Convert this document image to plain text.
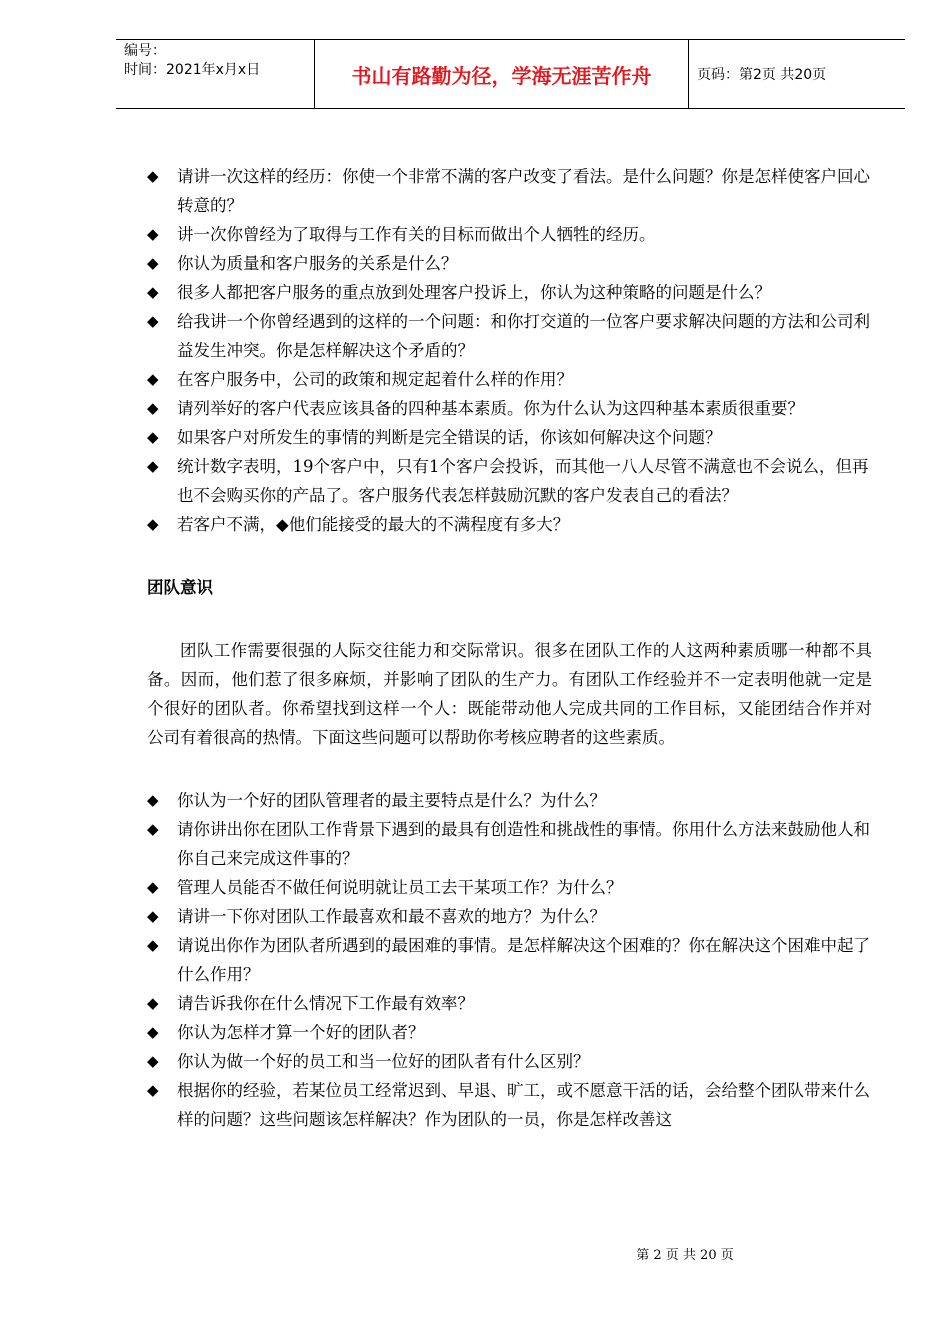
编号：
时间：2021年x月x日	书山有路勤为径，学海无涯苦作舟	页码：第2页 共20页
◆ 请讲一次这样的经历：你使一个非常不满的客户改变了看法。是什么问题？你是怎样使客户回心转意的？
◆ 讲一次你曾经为了取得与工作有关的目标而做出个人牺牲的经历。
◆ 你认为质量和客户服务的关系是什么？
◆ 很多人都把客户服务的重点放到处理客户投诉上，你认为这种策略的问题是什么？
◆ 给我讲一个你曾经遇到的这样的一个问题：和你打交道的一位客户要求解决问题的方法和公司利益发生冲突。你是怎样解决这个矛盾的？
◆ 在客户服务中，公司的政策和规定起着什么样的作用？
◆ 请列举好的客户代表应该具备的四种基本素质。你为什么认为这四种基本素质很重要？
◆ 如果客户对所发生的事情的判断是完全错误的话，你该如何解决这个问题？
◆ 统计数字表明，19个客户中，只有1个客户会投诉，而其他一八人尽管不满意也不会说么，但再也不会购买你的产品了。客户服务代表怎样鼓励沉默的客户发表自己的看法？
◆ 若客户不满，◆他们能接受的最大的不满程度有多大？
团队意识

团队工作需要很强的人际交往能力和交际常识。很多在团队工作的人这两种素质哪一种都不具备。因而，他们惹了很多麻烦，并影响了团队的生产力。有团队工作经验并不一定表明他就一定是个很好的团队者。你希望找到这样一个人：既能带动他人完成共同的工作目标，又能团结合作并对公司有着很高的热情。下面这些问题可以帮助你考核应聘者的这些素质。

◆ 你认为一个好的团队管理者的最主要特点是什么？为什么？
◆ 请你讲出你在团队工作背景下遇到的最具有创造性和挑战性的事情。你用什么方法来鼓励他人和你自己来完成这件事的？
◆ 管理人员能否不做任何说明就让员工去干某项工作？为什么？
◆ 请讲一下你对团队工作最喜欢和最不喜欢的地方？为什么？
◆ 请说出你作为团队者所遇到的最困难的事情。是怎样解决这个困难的？你在解决这个困难中起了什么作用？
◆ 请告诉我你在什么情况下工作最有效率？
◆ 你认为怎样才算一个好的团队者？
◆ 你认为做一个好的员工和当一位好的团队者有什么区别？
◆ 根据你的经验，若某位员工经常迟到、早退、旷工，或不愿意干活的话，会给整个团队带来什么样的问题？这些问题该怎样解决？作为团队的一员，你是怎样改善这
第 2 页 共 20 页
